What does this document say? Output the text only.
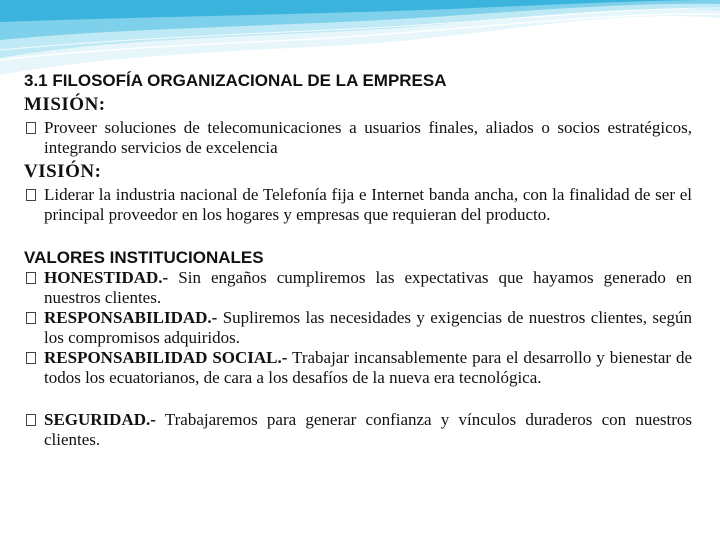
3.1 FILOSOFÍA ORGANIZACIONAL DE LA EMPRESA
MISIÓN:
Proveer soluciones de telecomunicaciones a usuarios finales, aliados o socios estratégicos, integrando servicios de excelencia
VISIÓN:
Liderar la industria nacional de Telefonía fija e Internet banda ancha, con la finalidad de ser el principal proveedor en los hogares y empresas que requieran del producto.
VALORES INSTITUCIONALES
HONESTIDAD.- Sin engaños cumpliremos las expectativas que hayamos generado en nuestros clientes.
RESPONSABILIDAD.- Supliremos las necesidades y exigencias de nuestros clientes, según los compromisos adquiridos.
RESPONSABILIDAD SOCIAL.- Trabajar incansablemente para el desarrollo y bienestar de todos los ecuatorianos, de cara a los desafíos de la nueva era tecnológica.
SEGURIDAD.- Trabajaremos para generar confianza y vínculos duraderos con nuestros clientes.
